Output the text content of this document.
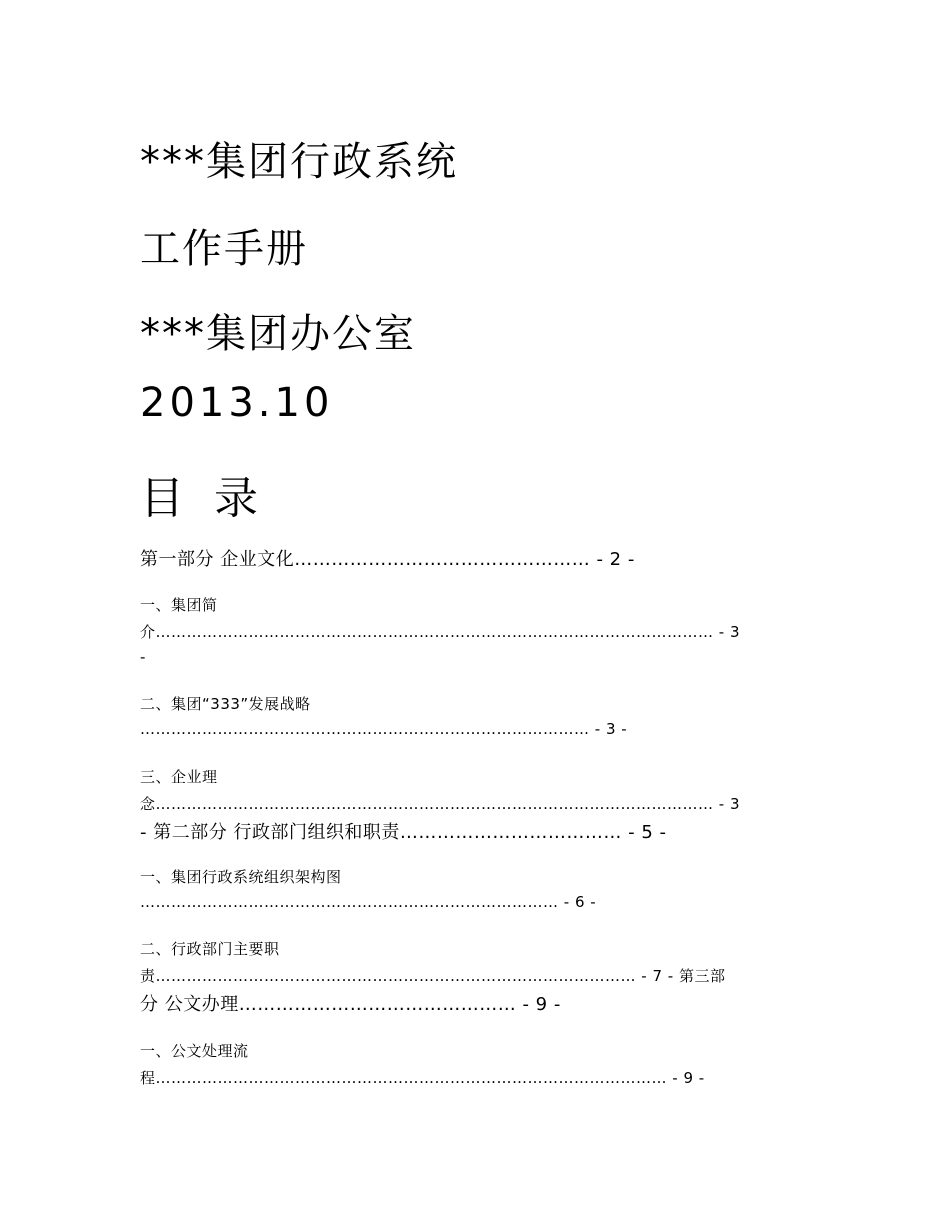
***集团行政系统
工作手册
***集团办公室
2013.10
目 录
第一部分 企业文化………………………………………… - 2 -
一、集团简
介……………………………………………………………………………………………… - 3
-
二、集团“333”发展战略
…………………………………………………………………………… - 3 -
三、企业理
念……………………………………………………………………………………………… - 3
- 第二部分 行政部门组织和职责……………………………… - 5 -
一、集团行政系统组织架构图
……………………………………………………………………… - 6 -
二、行政部门主要职
责………………………………………………………………………………… - 7 - 第三部
分 公文办理……………………………………… - 9 -
一、公文处理流
程……………………………………………………………………………………… - 9 -
